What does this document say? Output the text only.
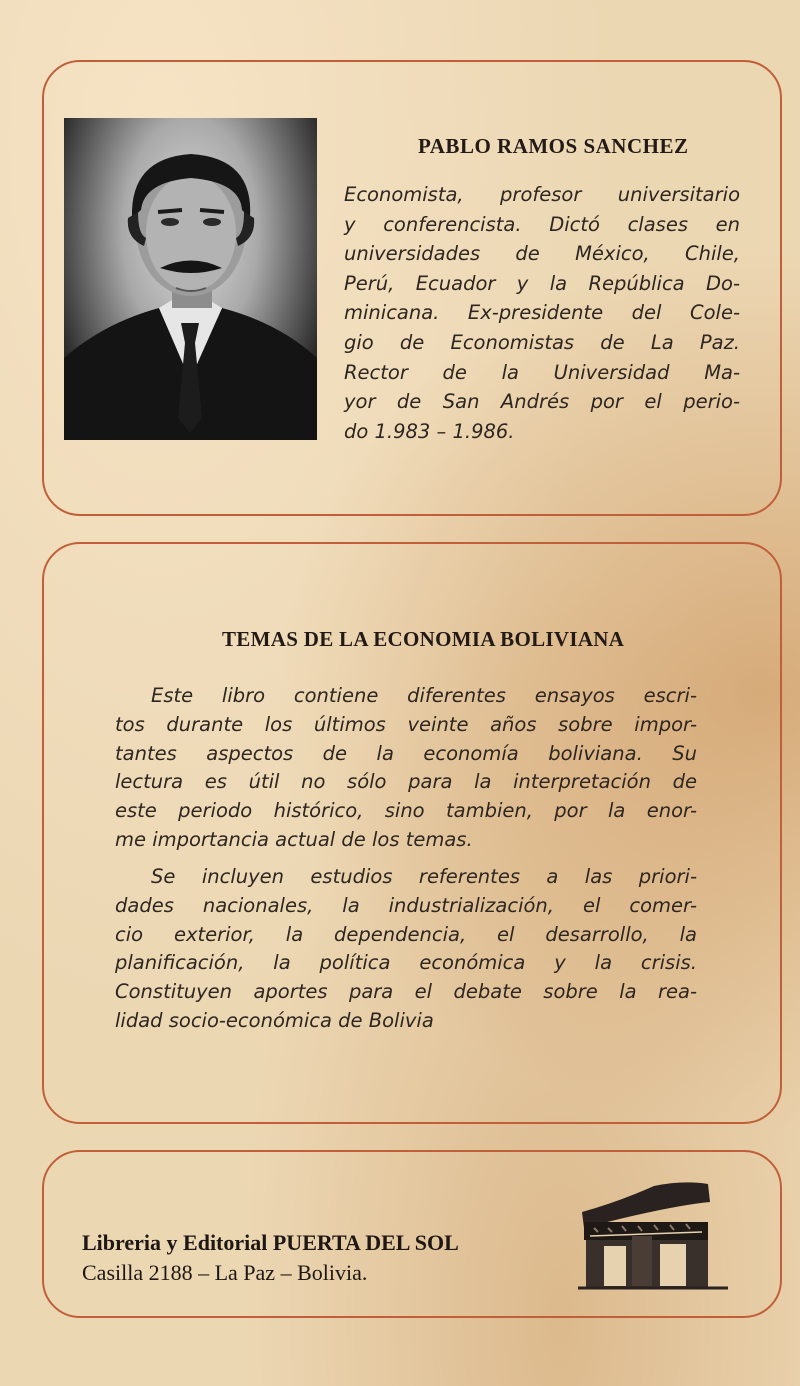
PABLO RAMOS SANCHEZ
Economista, profesor universitario
y conferencista. Dictó clases en
universidades de México, Chile,
Perú, Ecuador y la República Do-
minicana. Ex-presidente del Cole-
gio de Economistas de La Paz.
Rector de la Universidad Ma-
yor de San Andrés por el perio-
do 1.983 – 1.986.
TEMAS DE LA ECONOMIA BOLIVIANA
Este libro contiene diferentes ensayos escri-
tos durante los últimos veinte años sobre impor-
tantes aspectos de la economía boliviana. Su
lectura es útil no sólo para la interpretación de
este periodo histórico, sino tambien, por la enor-
me importancia actual de los temas.
Se incluyen estudios referentes a las priori-
dades nacionales, la industrialización, el comer-
cio exterior, la dependencia, el desarrollo, la
planificación, la política económica y la crisis.
Constituyen aportes para el debate sobre la rea-
lidad socio-económica de Bolivia
Libreria y Editorial PUERTA DEL SOL
Casilla 2188 – La Paz – Bolivia.
